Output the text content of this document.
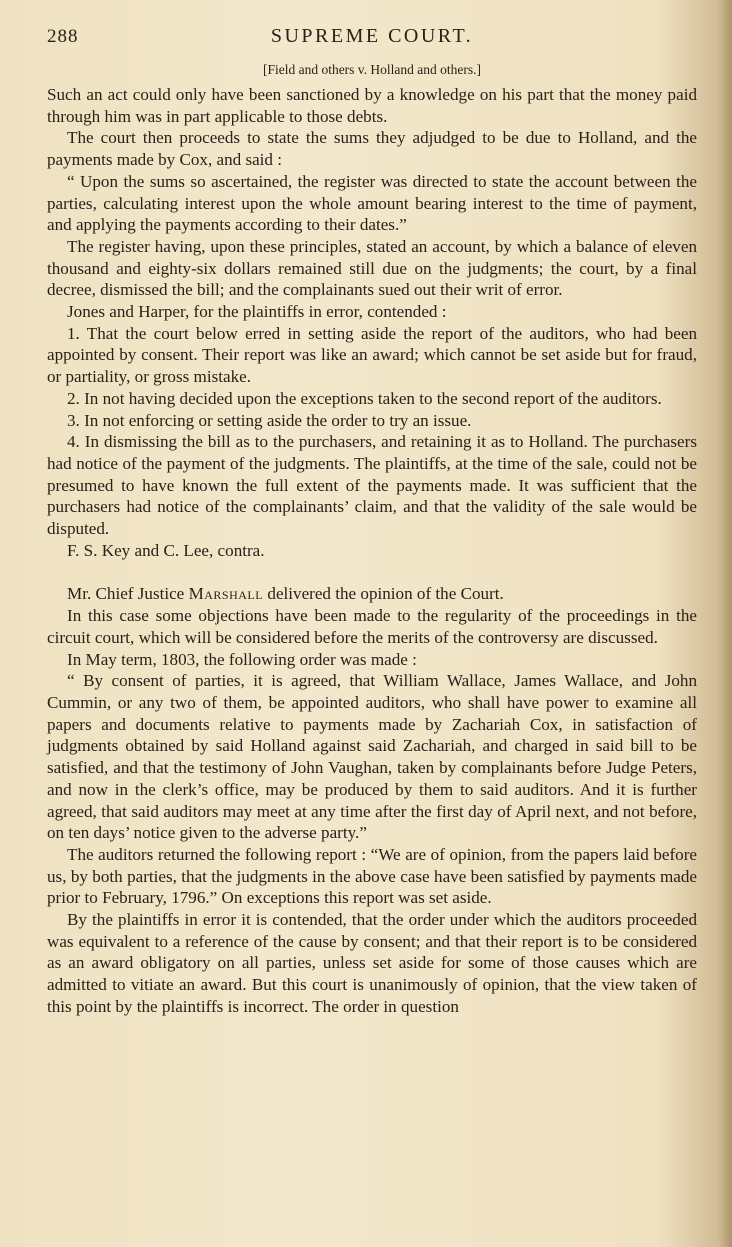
288	SUPREME COURT.
[Field and others v. Holland and others.]

Such an act could only have been sanctioned by a knowledge on his part that the money paid through him was in part applicable to those debts.

The court then proceeds to state the sums they adjudged to be due to Holland, and the payments made by Cox, and said :

“ Upon the sums so ascertained, the register was directed to state the account between the parties, calculating interest upon the whole amount bearing interest to the time of payment, and applying the payments according to their dates.”

The register having, upon these principles, stated an account, by which a balance of eleven thousand and eighty-six dollars remained still due on the judgments; the court, by a final decree, dismissed the bill; and the complainants sued out their writ of error.

Jones and Harper, for the plaintiffs in error, contended :

1. That the court below erred in setting aside the report of the auditors, who had been appointed by consent. Their report was like an award; which cannot be set aside but for fraud, or partiality, or gross mistake.

2. In not having decided upon the exceptions taken to the second report of the auditors.

3. In not enforcing or setting aside the order to try an issue.

4. In dismissing the bill as to the purchasers, and retaining it as to Holland. The purchasers had notice of the payment of the judgments. The plaintiffs, at the time of the sale, could not be presumed to have known the full extent of the payments made. It was sufficient that the purchasers had notice of the complainants’ claim, and that the validity of the sale would be disputed.

F. S. Key and C. Lee, contra.

Mr. Chief Justice Marshall delivered the opinion of the Court.

In this case some objections have been made to the regularity of the proceedings in the circuit court, which will be considered before the merits of the controversy are discussed.

In May term, 1803, the following order was made :

“ By consent of parties, it is agreed, that William Wallace, James Wallace, and John Cummin, or any two of them, be appointed auditors, who shall have power to examine all papers and documents relative to payments made by Zachariah Cox, in satisfaction of judgments obtained by said Holland against said Zachariah, and charged in said bill to be satisfied, and that the testimony of John Vaughan, taken by complainants before Judge Peters, and now in the clerk’s office, may be produced by them to said auditors. And it is further agreed, that said auditors may meet at any time after the first day of April next, and not before, on ten days’ notice given to the adverse party.”

The auditors returned the following report : “We are of opinion, from the papers laid before us, by both parties, that the judgments in the above case have been satisfied by payments made prior to February, 1796.” On exceptions this report was set aside.

By the plaintiffs in error it is contended, that the order under which the auditors proceeded was equivalent to a reference of the cause by consent; and that their report is to be considered as an award obligatory on all parties, unless set aside for some of those causes which are admitted to vitiate an award. But this court is unanimously of opinion, that the view taken of this point by the plaintiffs is incorrect. The order in question
